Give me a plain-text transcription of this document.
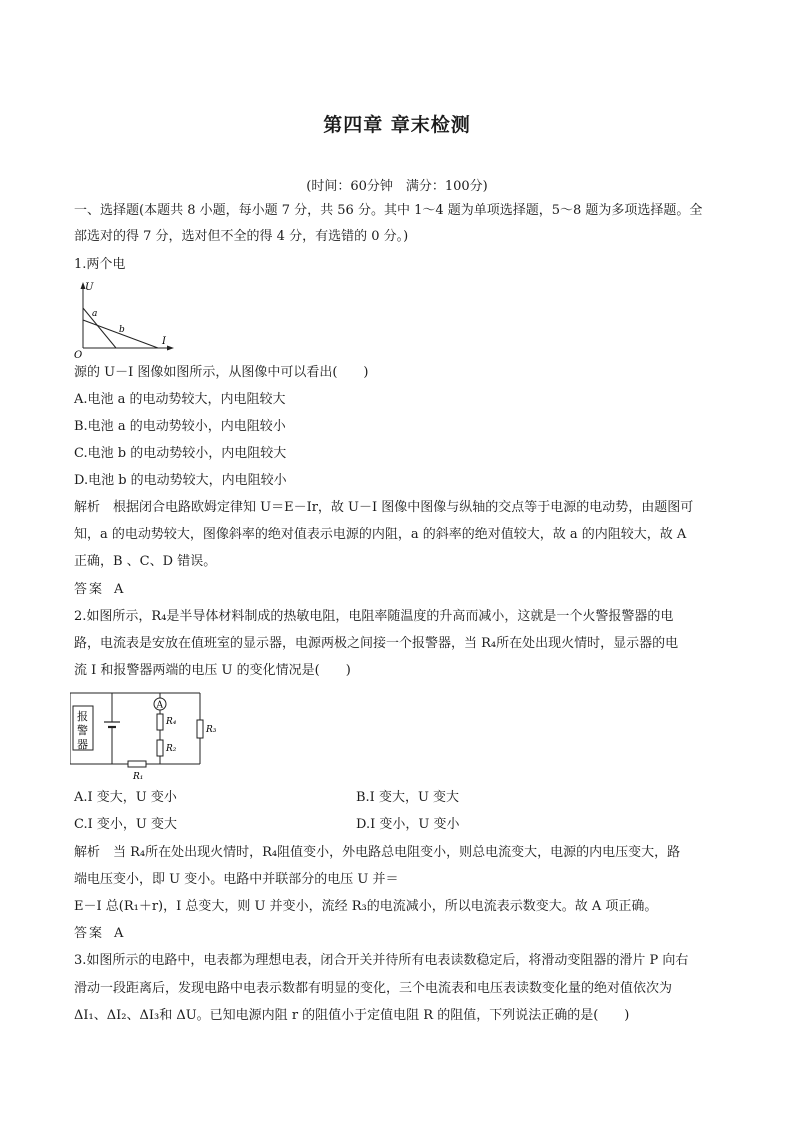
第四章 章末检测
(时间：60分钟　满分：100分)
一、选择题(本题共 8 小题，每小题 7 分，共 56 分。其中 1～4 题为单项选择题，5～8 题为多项选择题。全
部选对的得 7 分，选对但不全的得 4 分，有选错的 0 分。)
1.两个电
U
I
O
a
b
源的 U－I 图像如图所示，从图像中可以看出(　　)
A.电池 a 的电动势较大，内电阻较大
B.电池 a 的电动势较小，内电阻较小
C.电池 b 的电动势较小，内电阻较大
D.电池 b 的电动势较大，内电阻较小
解析　根据闭合电路欧姆定律知 U＝E－Ir，故 U－I 图像中图像与纵轴的交点等于电源的电动势，由题图可
知，a 的电动势较大，图像斜率的绝对值表示电源的内阻，a 的斜率的绝对值较大，故 a 的内阻较大，故 A
正确，B 、C、D 错误。
答案 A
2.如图所示，R₄是半导体材料制成的热敏电阻，电阻率随温度的升高而减小，这就是一个火警报警器的电
路，电流表是安放在值班室的显示器，电源两极之间接一个报警器，当 R₄所在处出现火情时，显示器的电
流 I 和报警器两端的电压 U 的变化情况是(　　)
报
警
器
R₁
A
R₄
R₂
R₃
A.I 变大，U 变小	B.I 变大，U 变大
C.I 变小，U 变大	D.I 变小，U 变小
解析　当 R₄所在处出现火情时，R₄阻值变小，外电路总电阻变小，则总电流变大，电源的内电压变大，路
端电压变小，即 U 变小。电路中并联部分的电压 U 并＝
E－I 总(R₁＋r)，I 总变大，则 U 并变小，流经 R₃的电流减小，所以电流表示数变大。故 A 项正确。
答案 A
3.如图所示的电路中，电表都为理想电表，闭合开关并待所有电表读数稳定后，将滑动变阻器的滑片 P 向右
滑动一段距离后，发现电路中电表示数都有明显的变化，三个电流表和电压表读数变化量的绝对值依次为
ΔI₁、ΔI₂、ΔI₃和 ΔU。已知电源内阻 r 的阻值小于定值电阻 R 的阻值，下列说法正确的是(　　)
